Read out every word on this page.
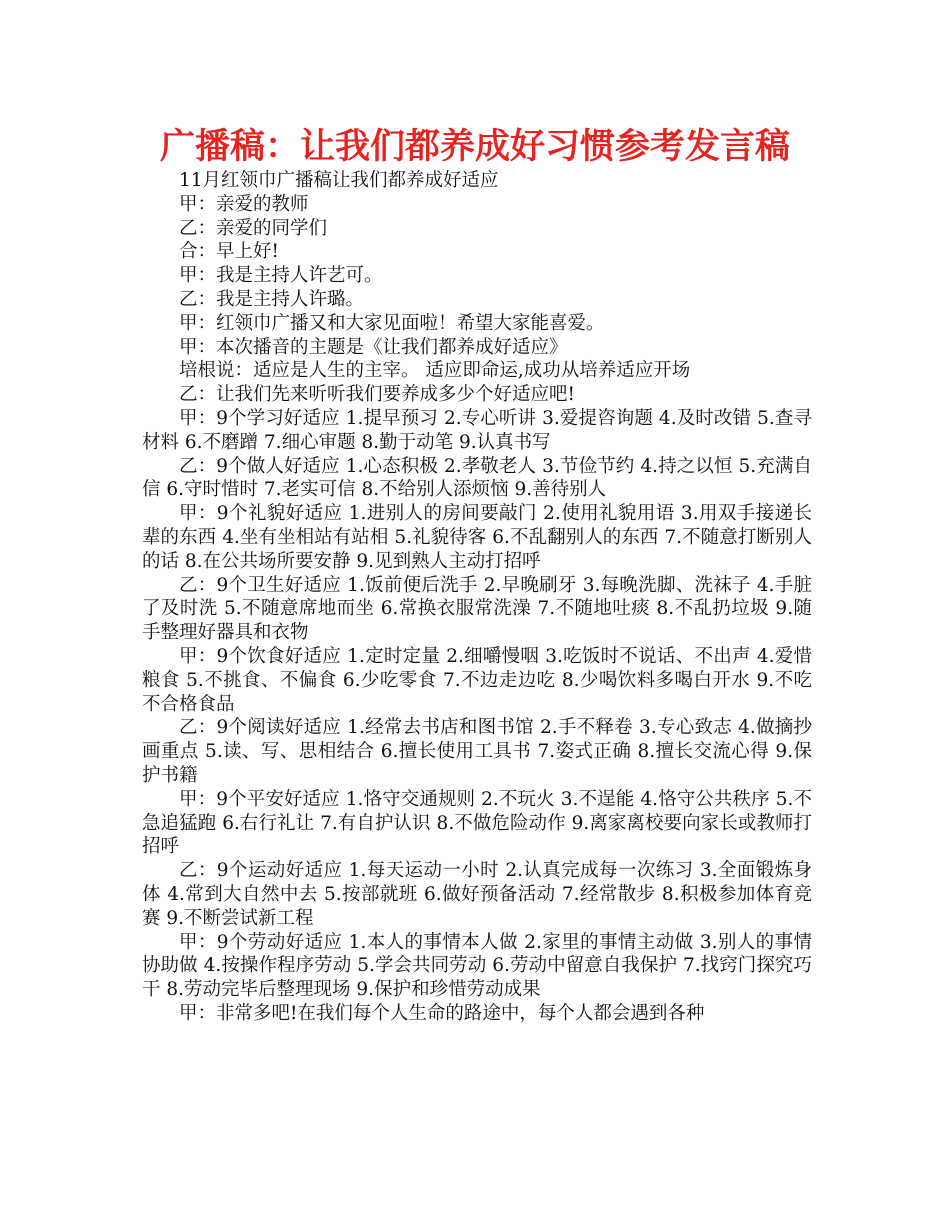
广播稿：让我们都养成好习惯参考发言稿

11月红领巾广播稿让我们都养成好适应

甲：亲爱的教师

乙：亲爱的同学们

合：早上好!

甲：我是主持人许艺可。

乙：我是主持人许璐。

甲：红领巾广播又和大家见面啦！希望大家能喜爱。

甲：本次播音的主题是《让我们都养成好适应》

培根说：适应是人生的主宰。 适应即命运,成功从培养适应开场

乙：让我们先来听听我们要养成多少个好适应吧!

甲：9个学习好适应 1.提早预习 2.专心听讲 3.爱提咨询题 4.及时改错 5.查寻材料 6.不磨蹭 7.细心审题 8.勤于动笔 9.认真书写

乙：9个做人好适应 1.心态积极 2.孝敬老人 3.节俭节约 4.持之以恒 5.充满自信 6.守时惜时 7.老实可信 8.不给别人添烦恼 9.善待别人

甲：9个礼貌好适应 1.进别人的房间要敲门 2.使用礼貌用语 3.用双手接递长辈的东西 4.坐有坐相站有站相 5.礼貌待客 6.不乱翻别人的东西 7.不随意打断别人的话 8.在公共场所要安静 9.见到熟人主动打招呼

乙：9个卫生好适应 1.饭前便后洗手 2.早晚刷牙 3.每晚洗脚、洗袜子 4.手脏了及时洗 5.不随意席地而坐 6.常换衣服常洗澡 7.不随地吐痰 8.不乱扔垃圾 9.随手整理好器具和衣物

甲：9个饮食好适应 1.定时定量 2.细嚼慢咽 3.吃饭时不说话、不出声 4.爱惜粮食 5.不挑食、不偏食 6.少吃零食 7.不边走边吃 8.少喝饮料多喝白开水 9.不吃不合格食品

乙：9个阅读好适应 1.经常去书店和图书馆 2.手不释卷 3.专心致志 4.做摘抄画重点 5.读、写、思相结合 6.擅长使用工具书 7.姿式正确 8.擅长交流心得 9.保护书籍

甲：9个平安好适应 1.恪守交通规则 2.不玩火 3.不逞能 4.恪守公共秩序 5.不急追猛跑 6.右行礼让 7.有自护认识 8.不做危险动作 9.离家离校要向家长或教师打招呼

乙：9个运动好适应 1.每天运动一小时 2.认真完成每一次练习 3.全面锻炼身体 4.常到大自然中去 5.按部就班 6.做好预备活动 7.经常散步 8.积极参加体育竞赛 9.不断尝试新工程

甲：9个劳动好适应 1.本人的事情本人做 2.家里的事情主动做 3.别人的事情协助做 4.按操作程序劳动 5.学会共同劳动 6.劳动中留意自我保护 7.找窍门探究巧干 8.劳动完毕后整理现场 9.保护和珍惜劳动成果

甲：非常多吧!在我们每个人生命的路途中，每个人都会遇到各种
